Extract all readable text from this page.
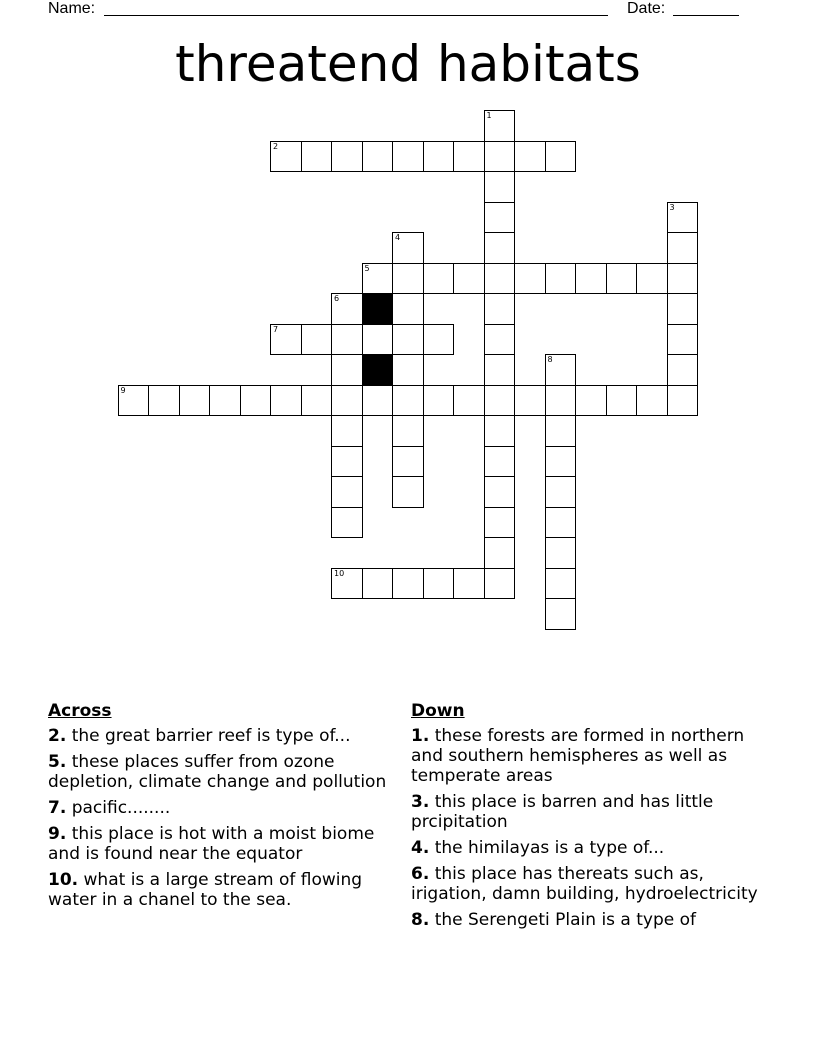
Name:	Date:
threatend habitats
2
5
7
9
10
1
3
4
6
8
Across
2. the great barrier reef is type of...
5. these places suffer from ozone depletion, climate change and pollution
7. pacific........
9. this place is hot with a moist biome and is found near the equator
10. what is a large stream of flowing water in a chanel to the sea.
Down
1. these forests are formed in northern and southern hemispheres as well as temperate areas
3. this place is barren and has little prcipitation
4. the himilayas is a type of...
6. this place has thereats such as, irigation, damn building, hydroelectricity
8. the Serengeti Plain is a type of
